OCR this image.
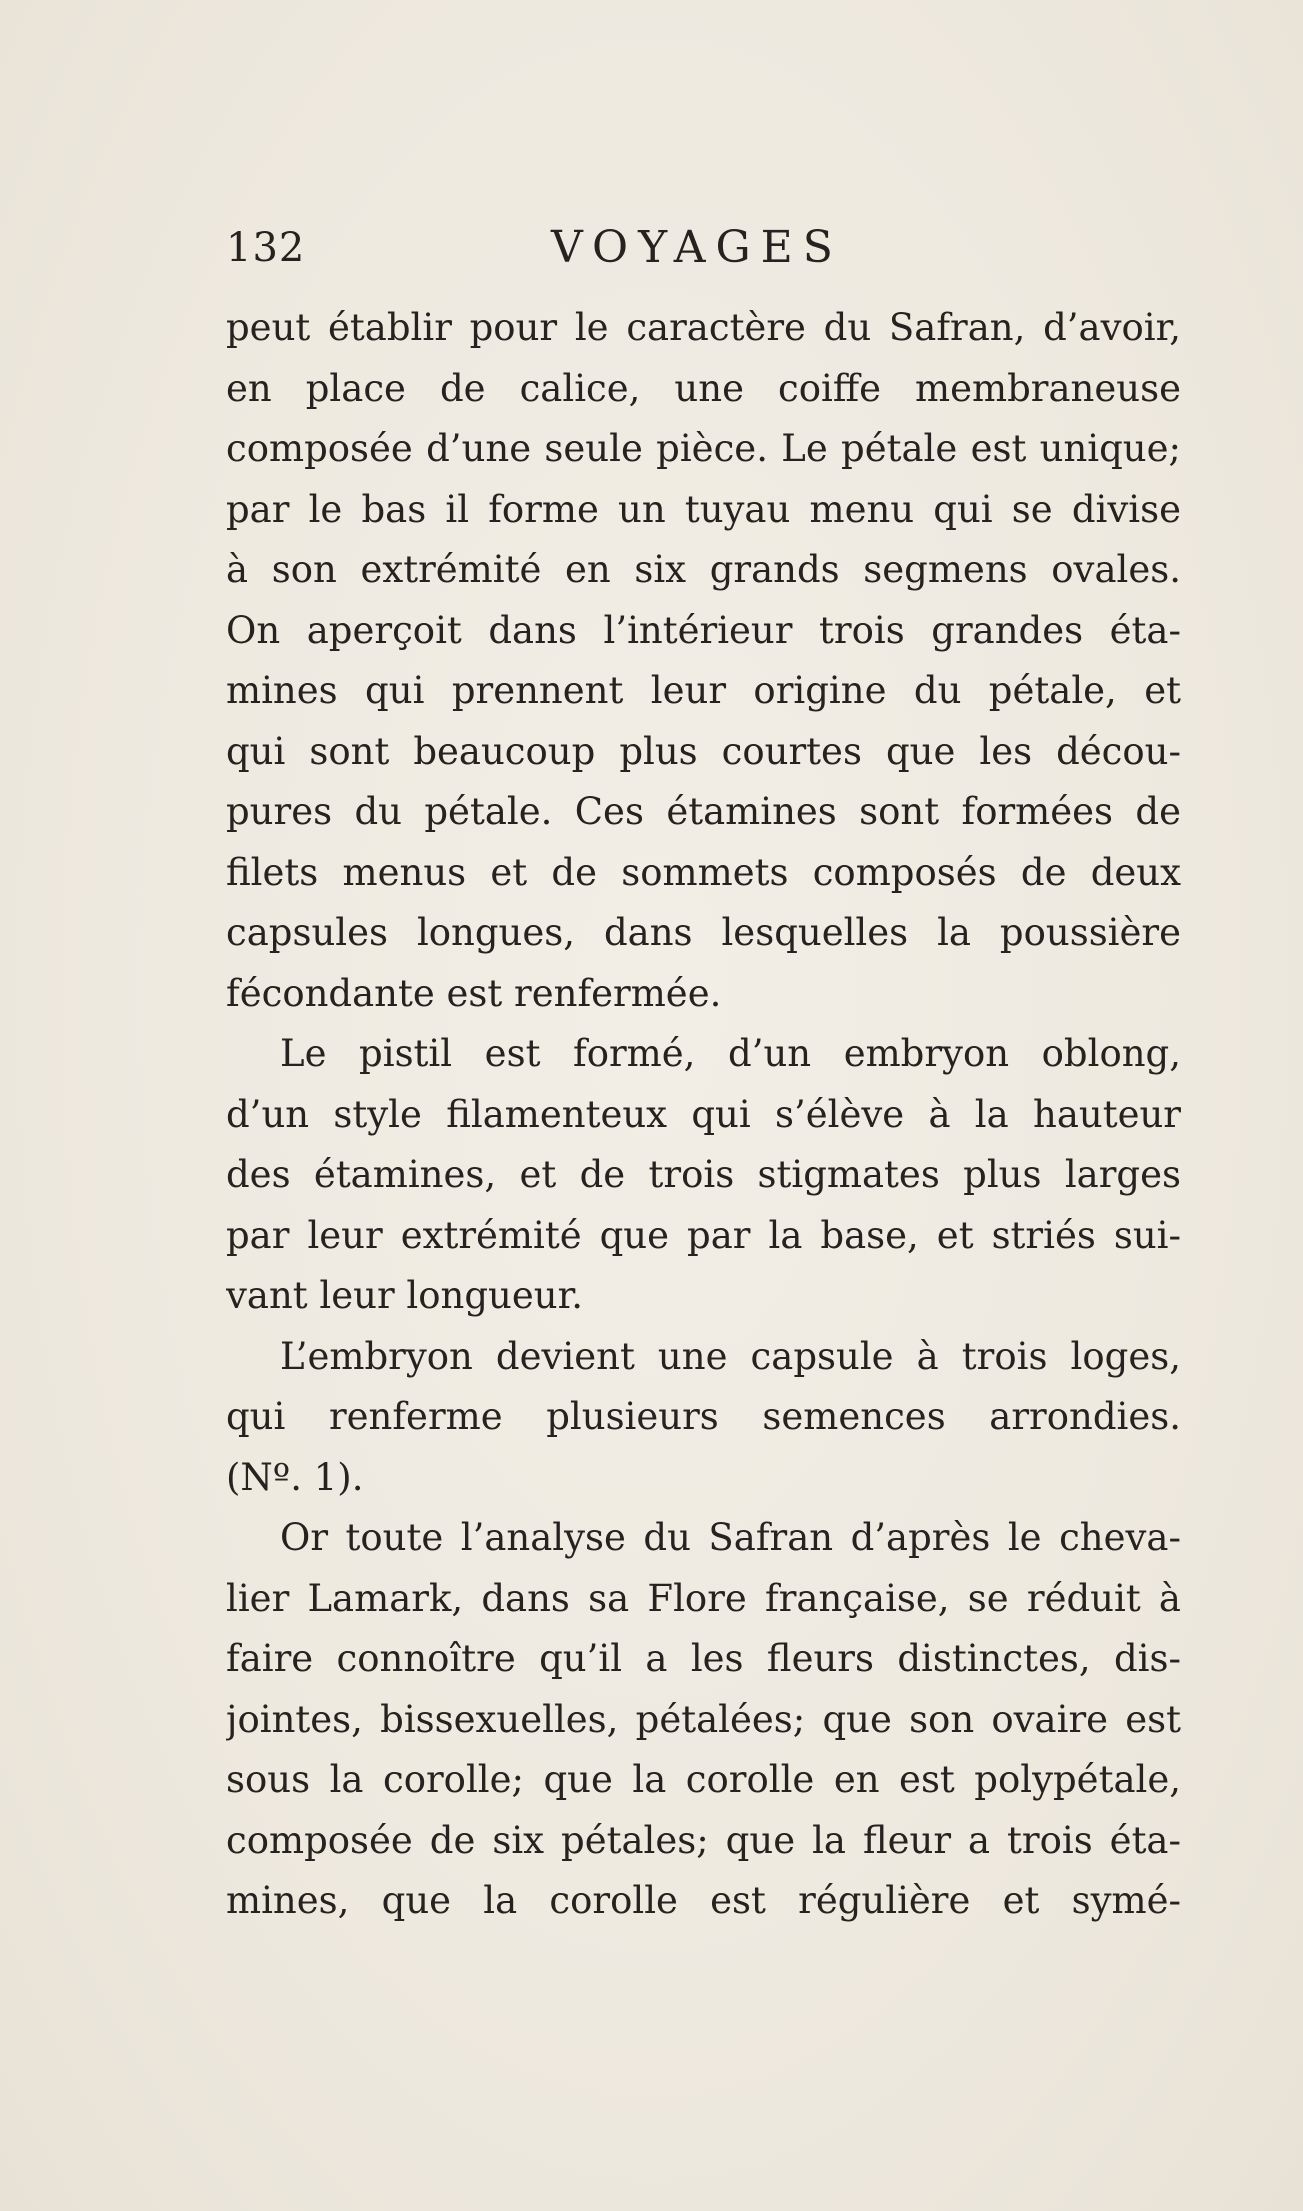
132	VOYAGES
peut établir pour le caractère du Safran, d’avoir,
en place de calice, une coiffe membraneuse
composée d’une seule pièce. Le pétale est unique;
par le bas il forme un tuyau menu qui se divise
à son extrémité en six grands segmens ovales.
On aperçoit dans l’intérieur trois grandes éta-
mines qui prennent leur origine du pétale, et
qui sont beaucoup plus courtes que les décou-
pures du pétale. Ces étamines sont formées de
filets menus et de sommets composés de deux
capsules longues, dans lesquelles la poussière
fécondante est renfermée.
Le pistil est formé, d’un embryon oblong,
d’un style filamenteux qui s’élève à la hauteur
des étamines, et de trois stigmates plus larges
par leur extrémité que par la base, et striés sui-
vant leur longueur.
L’embryon devient une capsule à trois loges,
qui renferme plusieurs semences arrondies.
(Nº. 1).
Or toute l’analyse du Safran d’après le cheva-
lier Lamark, dans sa Flore française, se réduit à
faire connoître qu’il a les fleurs distinctes, dis-
jointes, bissexuelles, pétalées; que son ovaire est
sous la corolle; que la corolle en est polypétale,
composée de six pétales; que la fleur a trois éta-
mines, que la corolle est régulière et symé-
